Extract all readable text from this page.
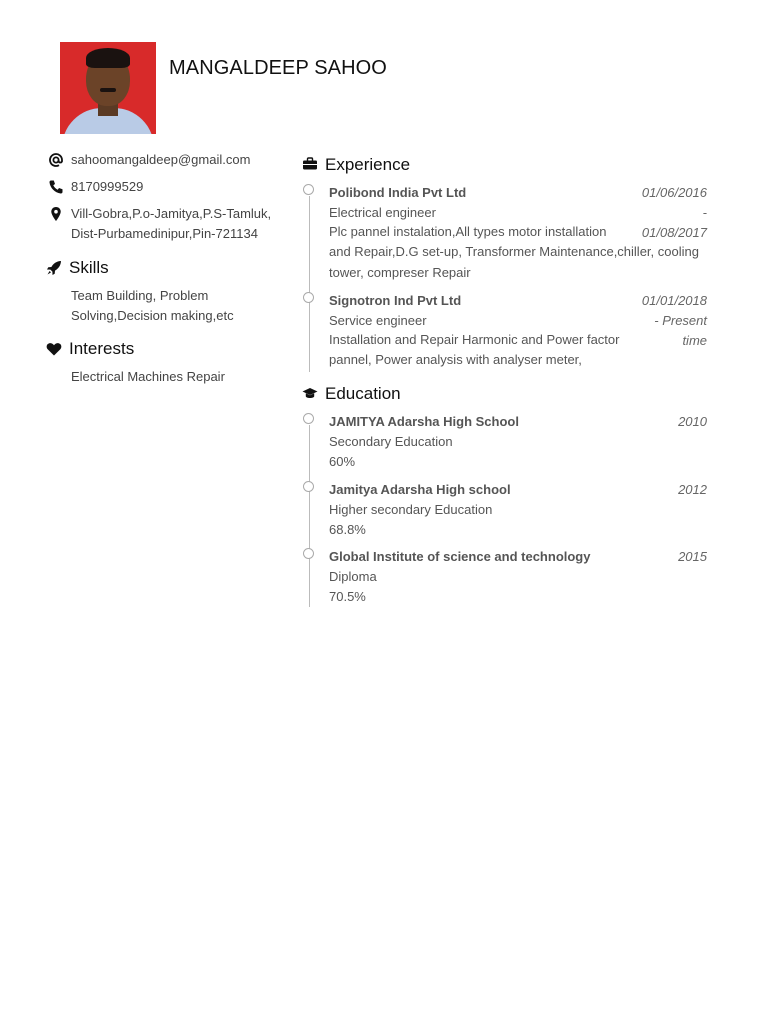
MANGALDEEP SAHOO
sahoomangaldeep@gmail.com
8170999529
Vill-Gobra,P.o-Jamitya,P.S-Tamluk,
Dist-Purbamedinipur,Pin-721134
Skills
Team Building, Problem
Solving,Decision making,etc
Interests
Electrical Machines Repair
Experience
Polibond India Pvt Ltd
Electrical engineer
Plc pannel instalation,All types motor installation
and Repair,D.G set-up, Transformer Maintenance,chiller, cooling
tower, compreser Repair
01/06/2016
-
01/08/2017
Signotron Ind Pvt Ltd
Service engineer
Installation and Repair Harmonic and Power factor
pannel, Power analysis with analyser meter,
01/01/2018
- Present
time
Education
JAMITYA Adarsha High School
Secondary Education
60%
2010
Jamitya Adarsha High school
Higher secondary Education
68.8%
2012
Global Institute of science and technology
Diploma
70.5%
2015
